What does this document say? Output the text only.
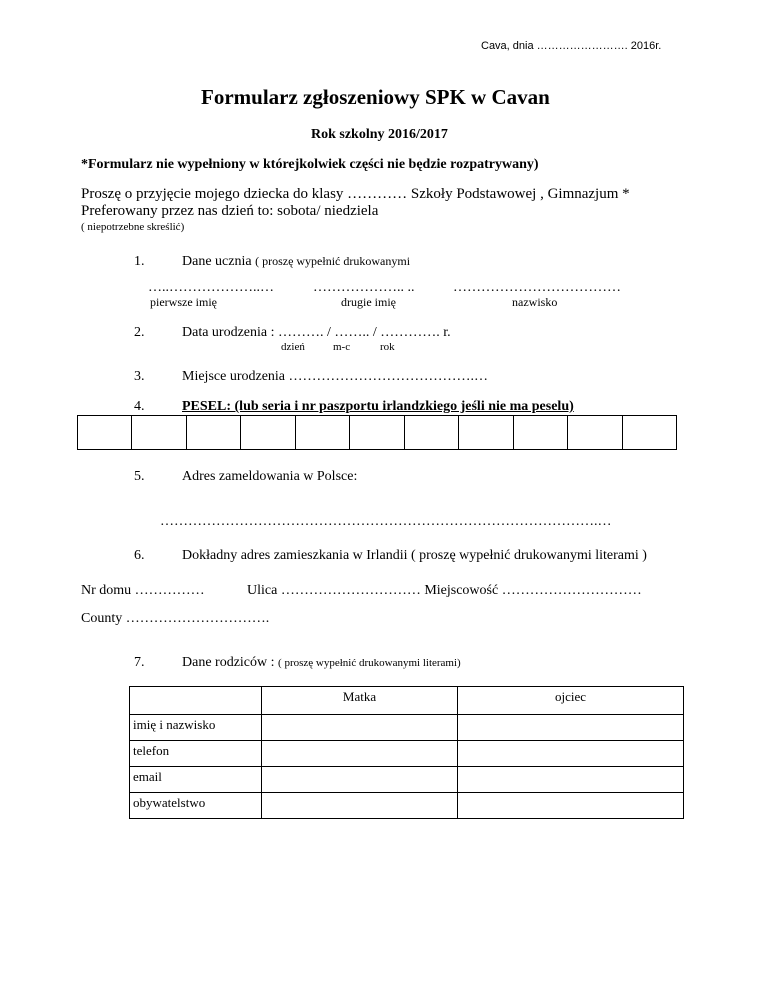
Cava, dnia ……………………. 2016r.
Formularz zgłoszeniowy SPK w Cavan
Rok szkolny 2016/2017
*Formularz nie wypełniony w którejkolwiek części nie będzie rozpatrywany)
Proszę o przyjęcie mojego dziecka do klasy ………… Szkoły Podstawowej , Gimnazjum *
Preferowany przez nas dzień to: sobota/ niedziela
( niepotrzebne skreślić)
1.	Dane ucznia ( proszę wypełnić drukowanymi
…..………………..…	……………….. ..	………………………………
pierwsze imię	drugie imię	nazwisko
2.	Data urodzenia : ………. / …….. / …………. r.
dzień	m-c	rok
3.	Miejsce urodzenia ………………………………….…
4.	PESEL: (lub seria i nr paszportu irlandzkiego jeśli nie ma peselu)
5.	Adres zameldowania w Polsce:
………………………………………………………………………………….…
6.	Dokładny adres zamieszkania w Irlandii ( proszę wypełnić drukowanymi literami )
Nr domu ……………	Ulica ………………………… Miejscowość …………………………
County ………………………….
7.	Dane rodziców : ( proszę wypełnić drukowanymi literami)
	Matka	ojciec
imię i nazwisko		
telefon		
email		
obywatelstwo		
